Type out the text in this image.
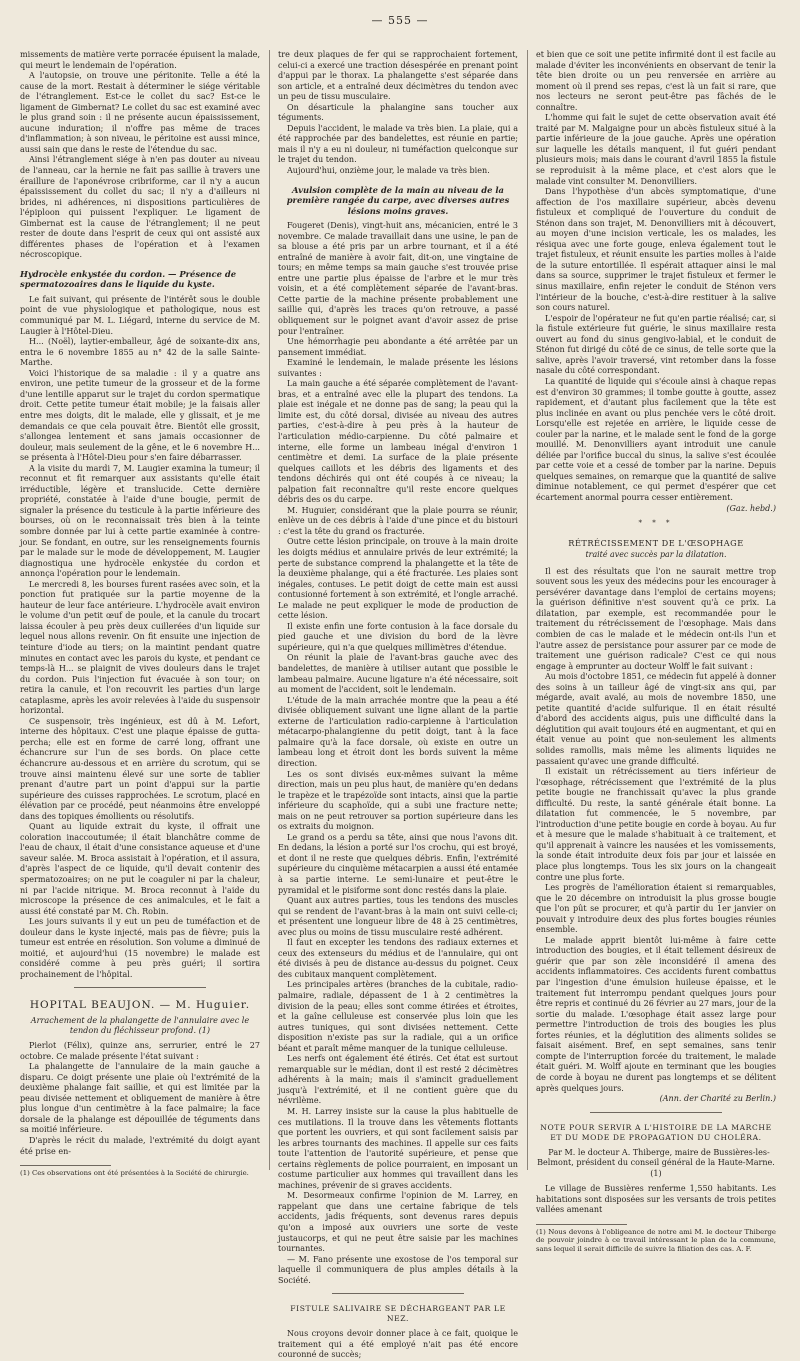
— 555 —

missements de matière verte porracée épuisent la malade, qui meurt le lendemain de l'opération.

A l'autopsie, on trouve une péritonite. Telle a été la cause de la mort. Restait à déterminer le siége véritable de l'étranglement. Est-ce le collet du sac? Est-ce le ligament de Gimbernat? Le collet du sac est examiné avec le plus grand soin : il ne présente aucun épaississement, aucune induration; il n'offre pas même de traces d'inflammation; à son niveau, le péritoine est aussi mince, aussi sain que dans le reste de l'étendue du sac.

Ainsi l'étranglement siége à n'en pas douter au niveau de l'anneau, car la hernie ne fait pas saillie à travers une éraillure de l'aponévrose cribriforme, car il n'y a aucun épaississement du collet du sac; il n'y a d'ailleurs ni brides, ni adhérences, ni dispositions particulières de l'épiploon qui puissent l'expliquer. Le ligament de Gimbernat est la cause de l'étranglement; il ne peut rester de doute dans l'esprit de ceux qui ont assisté aux différentes phases de l'opération et à l'examen nécroscopique.

Hydrocèle enkystée du cordon. — Présence de spermatozoaires dans le liquide du kyste.

Le fait suivant, qui présente de l'intérêt sous le double point de vue physiologique et pathologique, nous est communiqué par M. L. Liégard, interne du service de M. Laugier à l'Hôtel-Dieu.

H... (Noël), laytier-emballeur, âgé de soixante-dix ans, entra le 6 novembre 1855 au n° 42 de la salle Sainte-Marthe.

Voici l'historique de sa maladie : il y a quatre ans environ, une petite tumeur de la grosseur et de la forme d'une lentille apparut sur le trajet du cordon spermatique droit. Cette petite tumeur était mobile; je la faisais aller entre mes doigts, dit le malade, elle y glissait, et je me demandais ce que cela pouvait être. Bientôt elle grossit, s'allongea lentement et sans jamais occasionner de douleur, mais seulement de la gêne, et le 6 novembre H... se présenta à l'Hôtel-Dieu pour s'en faire débarrasser.

A la visite du mardi 7, M. Laugier examina la tumeur; il reconnut et fit remarquer aux assistants qu'elle était irréductible, légère et translucide. Cette dernière propriété, constatée à l'aide d'une bougie, permit de signaler la présence du testicule à la partie inférieure des bourses, où on le reconnaissait très bien à la teinte sombre donnée par lui à cette partie examinée à contre-jour. Se fondant, en outre, sur les renseignements fournis par le malade sur le mode de développement, M. Laugier diagnostiqua une hydrocèle enkystée du cordon et annonça l'opération pour le lendemain.

Le mercredi 8, les bourses furent rasées avec soin, et la ponction fut pratiquée sur la partie moyenne de la hauteur de leur face antérieure. L'hydrocèle avait environ le volume d'un petit œuf de poule, et la canule du trocart laissa écouler à peu près deux cuillerées d'un liquide sur lequel nous allons revenir. On fit ensuite une injection de teinture d'iode au tiers; on la maintint pendant quatre minutes en contact avec les parois du kyste, et pendant ce temps-là H... se plaignit de vives douleurs dans le trajet du cordon. Puis l'injection fut évacuée à son tour; on retira la canule, et l'on recouvrit les parties d'un large cataplasme, après les avoir relevées à l'aide du suspensoir horizontal.

Ce suspensoir, très ingénieux, est dû à M. Lefort, interne des hôpitaux. C'est une plaque épaisse de gutta-percha; elle est en forme de carré long, offrant une échancrure sur l'un de ses bords. On place cette échancrure au-dessous et en arrière du scrotum, qui se trouve ainsi maintenu élevé sur une sorte de tablier prenant d'autre part un point d'appui sur la partie supérieure des cuisses rapprochées. Le scrotum, placé en élévation par ce procédé, peut néanmoins être enveloppé dans des topiques émollients ou résolutifs.

Quant au liquide extrait du kyste, il offrait une coloration inaccoutumée; il était blanchâtre comme de l'eau de chaux, il était d'une consistance aqueuse et d'une saveur salée. M. Broca assistait à l'opération, et il assura, d'après l'aspect de ce liquide, qu'il devait contenir des spermatozoaires; on ne put le coaguler ni par la chaleur, ni par l'acide nitrique. M. Broca reconnut à l'aide du microscope la présence de ces animalcules, et le fait a aussi été constaté par M. Ch. Robin.

Les jours suivants il y eut un peu de tuméfaction et de douleur dans le kyste injecté, mais pas de fièvre; puis la tumeur est entrée en résolution. Son volume a diminué de moitié, et aujourd'hui (15 novembre) le malade est considéré comme à peu près guéri; il sortira prochainement de l'hôpital.

HOPITAL BEAUJON. — M. Huguier.

Arrachement de la phalangette de l'annulaire avec le tendon du fléchisseur profond. (1)

Pierlot (Félix), quinze ans, serrurier, entré le 27 octobre. Ce malade présente l'état suivant :

La phalangette de l'annulaire de la main gauche a disparu. Ce doigt présente une plaie où l'extrémité de la deuxième phalange fait saillie, et qui est limitée par la peau divisée nettement et obliquement de manière à être plus longue d'un centimètre à la face palmaire; la face dorsale de la phalange est dépouillée de téguments dans sa moitié inférieure.

D'après le récit du malade, l'extrémité du doigt ayant été prise en-

(1) Ces observations ont été présentées à la Société de chirurgie.

tre deux plaques de fer qui se rapprochaient fortement, celui-ci a exercé une traction désespérée en prenant point d'appui par le thorax. La phalangette s'est séparée dans son article, et a entraîné deux décimètres du tendon avec un peu de tissu musculaire.

On désarticule la phalangine sans toucher aux téguments.

Depuis l'accident, le malade va très bien. La plaie, qui a été rapprochée par des bandelettes, est réunie en partie; mais il n'y a eu ni douleur, ni tuméfaction quelconque sur le trajet du tendon.

Aujourd'hui, onzième jour, le malade va très bien.

Avulsion complète de la main au niveau de la première rangée du carpe, avec diverses autres lésions moins graves.

Fougeret (Denis), vingt-huit ans, mécanicien, entré le 3 novembre. Ce malade travaillait dans une usine, le pan de sa blouse a été pris par un arbre tournant, et il a été entraîné de manière à avoir fait, dit-on, une vingtaine de tours; en même temps sa main gauche s'est trouvée prise entre une partie plus épaisse de l'arbre et le mur très voisin, et a été complètement séparée de l'avant-bras. Cette partie de la machine présente probablement une saillie qui, d'après les traces qu'on retrouve, a passé obliquement sur le poignet avant d'avoir assez de prise pour l'entraîner.

Une hémorrhagie peu abondante a été arrêtée par un pansement immédiat.

Examiné le lendemain, le malade présente les lésions suivantes :

La main gauche a été séparée complètement de l'avant-bras, et a entraîné avec elle la plupart des tendons. La plaie est inégale et ne donne pas de sang; la peau qui la limite est, du côté dorsal, divisée au niveau des autres parties, c'est-à-dire à peu près à la hauteur de l'articulation médio-carpienne. Du côté palmaire et interne, elle forme un lambeau inégal d'environ 1 centimètre et demi. La surface de la plaie présente quelques caillots et les débris des ligaments et des tendons déchirés qui ont été coupés à ce niveau; la palpation fait reconnaître qu'il reste encore quelques débris des os du carpe.

M. Huguier, considérant que la plaie pourra se réunir, enlève un de ces débris à l'aide d'une pince et du bistouri : c'est la tête du grand os fracturée.

Outre cette lésion principale, on trouve à la main droite les doigts médius et annulaire privés de leur extrémité; la perte de substance comprend la phalangette et la tête de la deuxième phalange, qui a été fracturée. Les plaies sont inégales, contuses. Le petit doigt de cette main est aussi contusionné fortement à son extrémité, et l'ongle arraché. Le malade ne peut expliquer le mode de production de cette lésion.

Il existe enfin une forte contusion à la face dorsale du pied gauche et une division du bord de la lèvre supérieure, qui n'a que quelques millimètres d'étendue.

On réunit la plaie de l'avant-bras gauche avec des bandelettes, de manière à utiliser autant que possible le lambeau palmaire. Aucune ligature n'a été nécessaire, soit au moment de l'accident, soit le lendemain.

L'étude de la main arrachée montre que la peau a été divisée obliquement suivant une ligne allant de la partie externe de l'articulation radio-carpienne à l'articulation métacarpo-phalangienne du petit doigt, tant à la face palmaire qu'à la face dorsale, où existe en outre un lambeau long et étroit dont les bords suivent la même direction.

Les os sont divisés eux-mêmes suivant la même direction, mais un peu plus haut, de manière qu'en dedans le trapèze et le trapézoïde sont intacts, ainsi que la partie inférieure du scaphoïde, qui a subi une fracture nette; mais on ne peut retrouver sa portion supérieure dans les os extraits du moignon.

Le grand os a perdu sa tête, ainsi que nous l'avons dit. En dedans, la lésion a porté sur l'os crochu, qui est broyé, et dont il ne reste que quelques débris. Enfin, l'extrémité supérieure du cinquième métacarpien a aussi été entamée à sa partie interne. Le semi-lunaire et peut-être le pyramidal et le pisiforme sont donc restés dans la plaie.

Quant aux autres parties, tous les tendons des muscles qui se rendent de l'avant-bras à la main ont suivi celle-ci; et présentent une longueur libre de 48 à 25 centimètres, avec plus ou moins de tissu musculaire resté adhérent.

Il faut en excepter les tendons des radiaux externes et ceux des extenseurs du médius et de l'annulaire, qui ont été divisés à peu de distance au-dessus du poignet. Ceux des cubitaux manquent complètement.

Les principales artères (branches de la cubitale, radio-palmaire, radiale, dépassent de 1 à 2 centimètres la division de la peau; elles sont comme étirées et étroites, et la gaîne celluleuse est conservée plus loin que les autres tuniques, qui sont divisées nettement. Cette disposition n'existe pas sur la radiale, qui a un orifice béant et paraît même manquer de la tunique celluleuse.

Les nerfs ont également été étirés. Cet état est surtout remarquable sur le médian, dont il est resté 2 décimètres adhérents à la main; mais il s'amincit graduellement jusqu'à l'extrémité, et il ne contient guère que du névrilème.

M. H. Larrey insiste sur la cause la plus habituelle de ces mutilations. Il la trouve dans les vêtements flottants que portent les ouvriers, et qui sont facilement saisis par les arbres tournants des machines. Il appelle sur ces faits toute l'attention de l'autorité supérieure, et pense que certains règlements de police pourraient, en imposant un costume particulier aux hommes qui travaillent dans les machines, prévenir de si graves accidents.

M. Desormeaux confirme l'opinion de M. Larrey, en rappelant que dans une certaine fabrique de tels accidents, jadis fréquents, sont devenus rares depuis qu'on a imposé aux ouvriers une sorte de veste justaucorps, et qui ne peut être saisie par les machines tournantes.

— M. Fano présente une exostose de l'os temporal sur laquelle il communiquera de plus amples détails à la Société.

FISTULE SALIVAIRE SE DÉCHARGEANT PAR LE NEZ.

Nous croyons devoir donner place à ce fait, quoique le traitement qui a été employé n'ait pas été encore couronné de succès;

et bien que ce soit une petite infirmité dont il est facile au malade d'éviter les inconvénients en observant de tenir la tête bien droite ou un peu renversée en arrière au moment où il prend ses repas, c'est là un fait si rare, que nos lecteurs ne seront peut-être pas fâchés de le connaître.

L'homme qui fait le sujet de cette observation avait été traité par M. Malgaigne pour un abcès fistuleux situé à la partie inférieure de la joue gauche. Après une opération sur laquelle les détails manquent, il fut guéri pendant plusieurs mois; mais dans le courant d'avril 1855 la fistule se reproduisit à la même place, et c'est alors que le malade vint consulter M. Denonvilliers.

Dans l'hypothèse d'un abcès symptomatique, d'une affection de l'os maxillaire supérieur, abcès devenu fistuleux et compliqué de l'ouverture du conduit de Sténon dans son trajet, M. Denonvilliers mit à découvert, au moyen d'une incision verticale, les os malades, les résiqua avec une forte gouge, enleva également tout le trajet fistuleux, et réunit ensuite les parties molles à l'aide de la suture entortillée. Il espérait attaquer ainsi le mal dans sa source, supprimer le trajet fistuleux et fermer le sinus maxillaire, enfin rejeter le conduit de Sténon vers l'intérieur de la bouche, c'est-à-dire restituer à la salive son cours naturel.

L'espoir de l'opérateur ne fut qu'en partie réalisé; car, si la fistule extérieure fut guérie, le sinus maxillaire resta ouvert au fond du sinus gengivo-labial, et le conduit de Sténon fut dirigé du côté de ce sinus, de telle sorte que la salive, après l'avoir traversé, vint retomber dans la fosse nasale du côté correspondant.

La quantité de liquide qui s'écoule ainsi à chaque repas est d'environ 30 grammes; il tombe goutte à goutte, assez rapidement, et d'autant plus facilement que la tête est plus inclinée en avant ou plus penchée vers le côté droit. Lorsqu'elle est rejetée en arrière, le liquide cesse de couler par la narine, et le malade sent le fond de la gorge mouillé. M. Denonvilliers ayant introduit une canule déliée par l'orifice buccal du sinus, la salive s'est écoulée par cette voie et a cessé de tomber par la narine. Depuis quelques semaines, on remarque que la quantité de salive diminue notablement, ce qui permet d'espérer que cet écartement anormal pourra cesser entièrement.

(Gaz. hebd.)

* * *

RÉTRÉCISSEMENT DE L'ŒSOPHAGE

traité avec succès par la dilatation.

Il est des résultats que l'on ne saurait mettre trop souvent sous les yeux des médecins pour les encourager à persévérer davantage dans l'emploi de certains moyens; la guérison définitive n'est souvent qu'à ce prix. La dilatation, par exemple, est recommandée pour le traitement du rétrécissement de l'œsophage. Mais dans combien de cas le malade et le médecin ont-ils l'un et l'autre assez de persistance pour assurer par ce mode de traitement une guérison radicale? C'est ce qui nous engage à emprunter au docteur Wolff le fait suivant :

Au mois d'octobre 1851, ce médecin fut appelé à donner des soins à un tailleur âgé de vingt-six ans qui, par mégarde, avait avalé, au mois de novembre 1850, une petite quantité d'acide sulfurique. Il en était résulté d'abord des accidents aigus, puis une difficulté dans la déglutition qui avait toujours été en augmentant, et qui en était venue au point que non-seulement les aliments solides ramollis, mais même les aliments liquides ne passaient qu'avec une grande difficulté.

Il existait un rétrécissement au tiers inférieur de l'œsophage, rétrécissement que l'extrémité de la plus petite bougie ne franchissait qu'avec la plus grande difficulté. Du reste, la santé générale était bonne. La dilatation fut commencée, le 5 novembre, par l'introduction d'une petite bougie en corde à boyau. Au fur et à mesure que le malade s'habituait à ce traitement, et qu'il apprenait à vaincre les nausées et les vomissements, la sonde était introduite deux fois par jour et laissée en place plus longtemps. Tous les six jours on la changeait contre une plus forte.

Les progrès de l'amélioration étaient si remarquables, que le 20 décembre on introduisit la plus grosse bougie que l'on pût se procurer, et qu'à partir du 1er janvier on pouvait y introduire deux des plus fortes bougies réunies ensemble.

Le malade apprit bientôt lui-même à faire cette introduction des bougies, et il était tellement désireux de guérir que par son zèle inconsidéré il amena des accidents inflammatoires. Ces accidents furent combattus par l'ingestion d'une émulsion huileuse épaisse, et le traitement fut interrompu pendant quelques jours pour être repris et continué du 26 février au 27 mars, jour de la sortie du malade. L'œsophage était assez large pour permettre l'introduction de trois des bougies les plus fortes réunies, et la déglutition des aliments solides se faisait aisément. Bref, en sept semaines, sans tenir compte de l'interruption forcée du traitement, le malade était guéri. M. Wolff ajoute en terminant que les bougies de corde à boyau ne durent pas longtemps et se délitent après quelques jours.

(Ann. der Charité zu Berlin.)

NOTE POUR SERVIR A L'HISTOIRE DE LA MARCHE ET DU MODE DE PROPAGATION DU CHOLÉRA.

Par M. le docteur A. Thiberge, maire de Bussières-les-Belmont, président du conseil général de la Haute-Marne. (1)

Le village de Bussières renferme 1,550 habitants. Les habitations sont disposées sur les versants de trois petites vallées amenant

(1) Nous devons à l'obligeance de notre ami M. le docteur Thiberge de pouvoir joindre à ce travail intéressant le plan de la commune, sans lequel il serait difficile de suivre la filiation des cas. A. F.
